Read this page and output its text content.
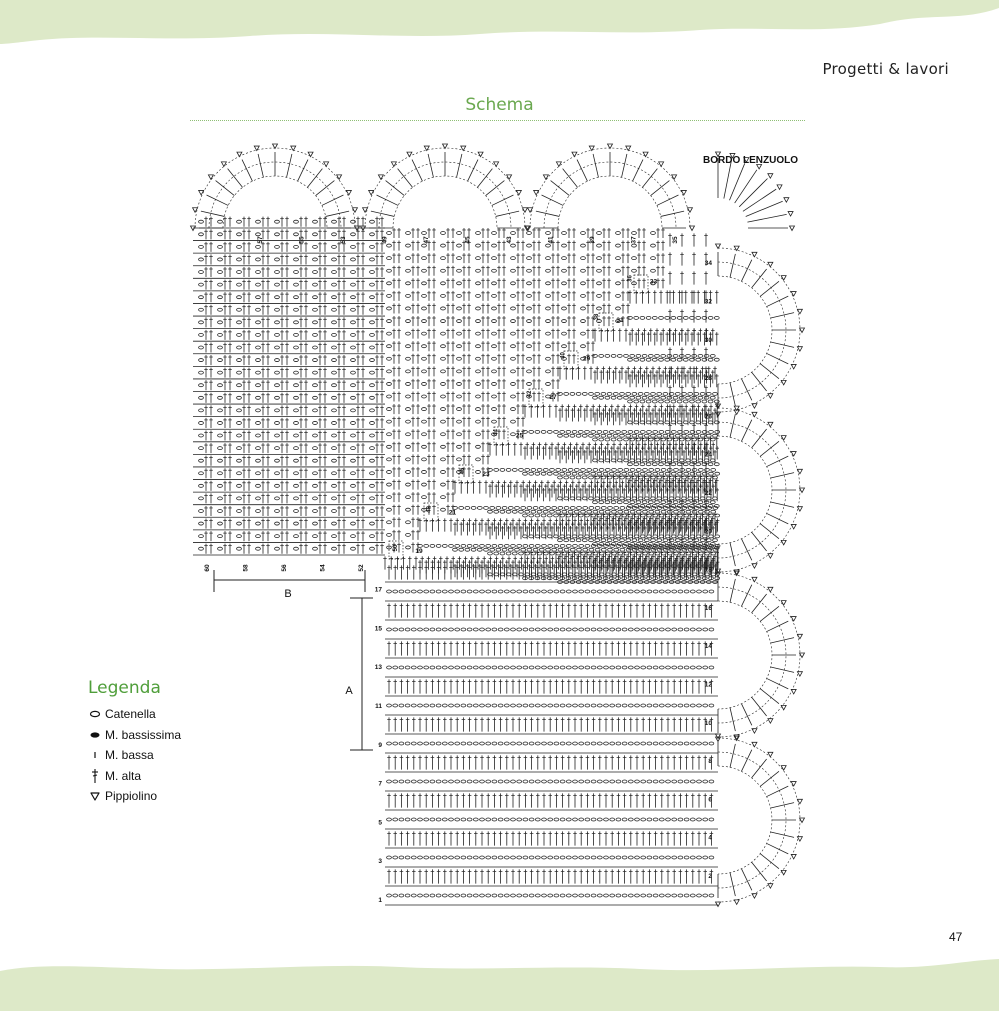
Progetti & lavori
Schema
1
3
5
7
9
11
13
15
17
2
4
6
8
10
12
14
16
18
20
22
24
26
28
30
32
34
60	58	56	54	52
57	55	53	49	47	45	43	41	39	37	35
19
21
23
25
27
29
31
33
50
48
46
44
42
40
38
36
A
B
BORDO LENZUOLO
Legenda
Catenella
M. bassissima
M. bassa
M. alta
Pippiolino
47
